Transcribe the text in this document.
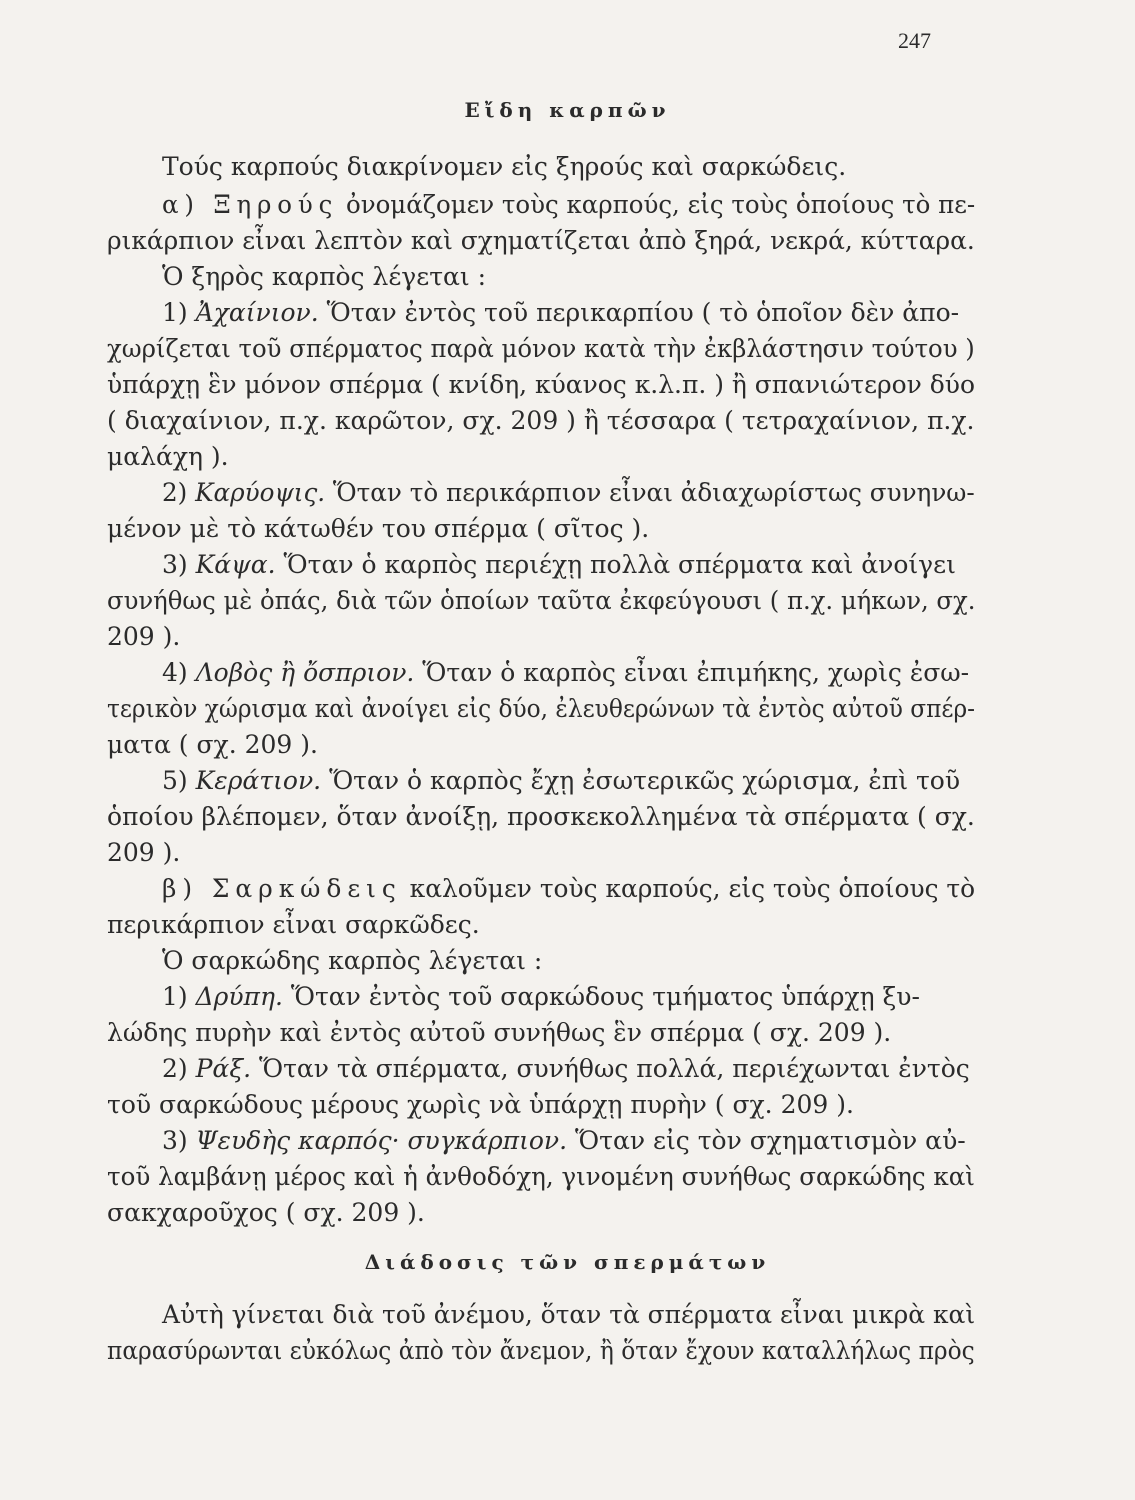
247
Εἴδη καρπῶν
Τούς καρπούς διακρίνομεν εἰς ξηρούς καὶ σαρκώδεις.
α) Ξηρούς ὀνομάζομεν τοὺς καρπούς, εἰς τοὺς ὁποίους τὸ πε-
ρικάρπιον εἶναι λεπτὸν καὶ σχηματίζεται ἀπὸ ξηρά, νεκρά, κύτταρα.
Ὁ ξηρὸς καρπὸς λέγεται :
1) Ἀχαίνιον. Ὅταν ἐντὸς τοῦ περικαρπίου ( τὸ ὁποῖον δὲν ἀπο-
χωρίζεται τοῦ σπέρματος παρὰ μόνον κατὰ τὴν ἐκβλάστησιν τούτου )
ὑπάρχῃ ἓν μόνον σπέρμα ( κνίδη, κύανος κ.λ.π. ) ἢ σπανιώτερον δύο
( διαχαίνιον, π.χ. καρῶτον, σχ. 209 ) ἢ τέσσαρα ( τετραχαίνιον, π.χ.
μαλάχη ).
2) Καρύοψις. Ὅταν τὸ περικάρπιον εἶναι ἀδιαχωρίστως συνηνω-
μένον μὲ τὸ κάτωθέν του σπέρμα ( σῖτος ).
3) Κάψα. Ὅταν ὁ καρπὸς περιέχῃ πολλὰ σπέρματα καὶ ἀνοίγει
συνήθως μὲ ὀπάς, διὰ τῶν ὁποίων ταῦτα ἐκφεύγουσι ( π.χ. μήκων, σχ.
209 ).
4) Λοβὸς ἢ ὄσπριον. Ὅταν ὁ καρπὸς εἶναι ἐπιμήκης, χωρὶς ἐσω-
τερικὸν χώρισμα καὶ ἀνοίγει εἰς δύο, ἐλευθερώνων τὰ ἐντὸς αὐτοῦ σπέρ-
ματα ( σχ. 209 ).
5) Κεράτιον. Ὅταν ὁ καρπὸς ἔχῃ ἐσωτερικῶς χώρισμα, ἐπὶ τοῦ
ὁποίου βλέπομεν, ὅταν ἀνοίξῃ, προσκεκολλημένα τὰ σπέρματα ( σχ.
209 ).
β) Σαρκώδεις καλοῦμεν τοὺς καρπούς, εἰς τοὺς ὁποίους τὸ
περικάρπιον εἶναι σαρκῶδες.
Ὁ σαρκώδης καρπὸς λέγεται :
1) Δρύπη. Ὅταν ἐντὸς τοῦ σαρκώδους τμήματος ὑπάρχῃ ξυ-
λώδης πυρὴν καὶ ἐντὸς αὐτοῦ συνήθως ἓν σπέρμα ( σχ. 209 ).
2) Ράξ. Ὅταν τὰ σπέρματα, συνήθως πολλά, περιέχωνται ἐντὸς
τοῦ σαρκώδους μέρους χωρὶς νὰ ὑπάρχῃ πυρὴν ( σχ. 209 ).
3) Ψευδὴς καρπός· συγκάρπιον. Ὅταν εἰς τὸν σχηματισμὸν αὐ-
τοῦ λαμβάνῃ μέρος καὶ ἡ ἀνθοδόχη, γινομένη συνήθως σαρκώδης καὶ
σακχαροῦχος ( σχ. 209 ).
Διάδοσις τῶν σπερμάτων
Αὐτὴ γίνεται διὰ τοῦ ἀνέμου, ὅταν τὰ σπέρματα εἶναι μικρὰ καὶ
παρασύρωνται εὐκόλως ἀπὸ τὸν ἄνεμον, ἢ ὅταν ἔχουν καταλλήλως πρὸς
